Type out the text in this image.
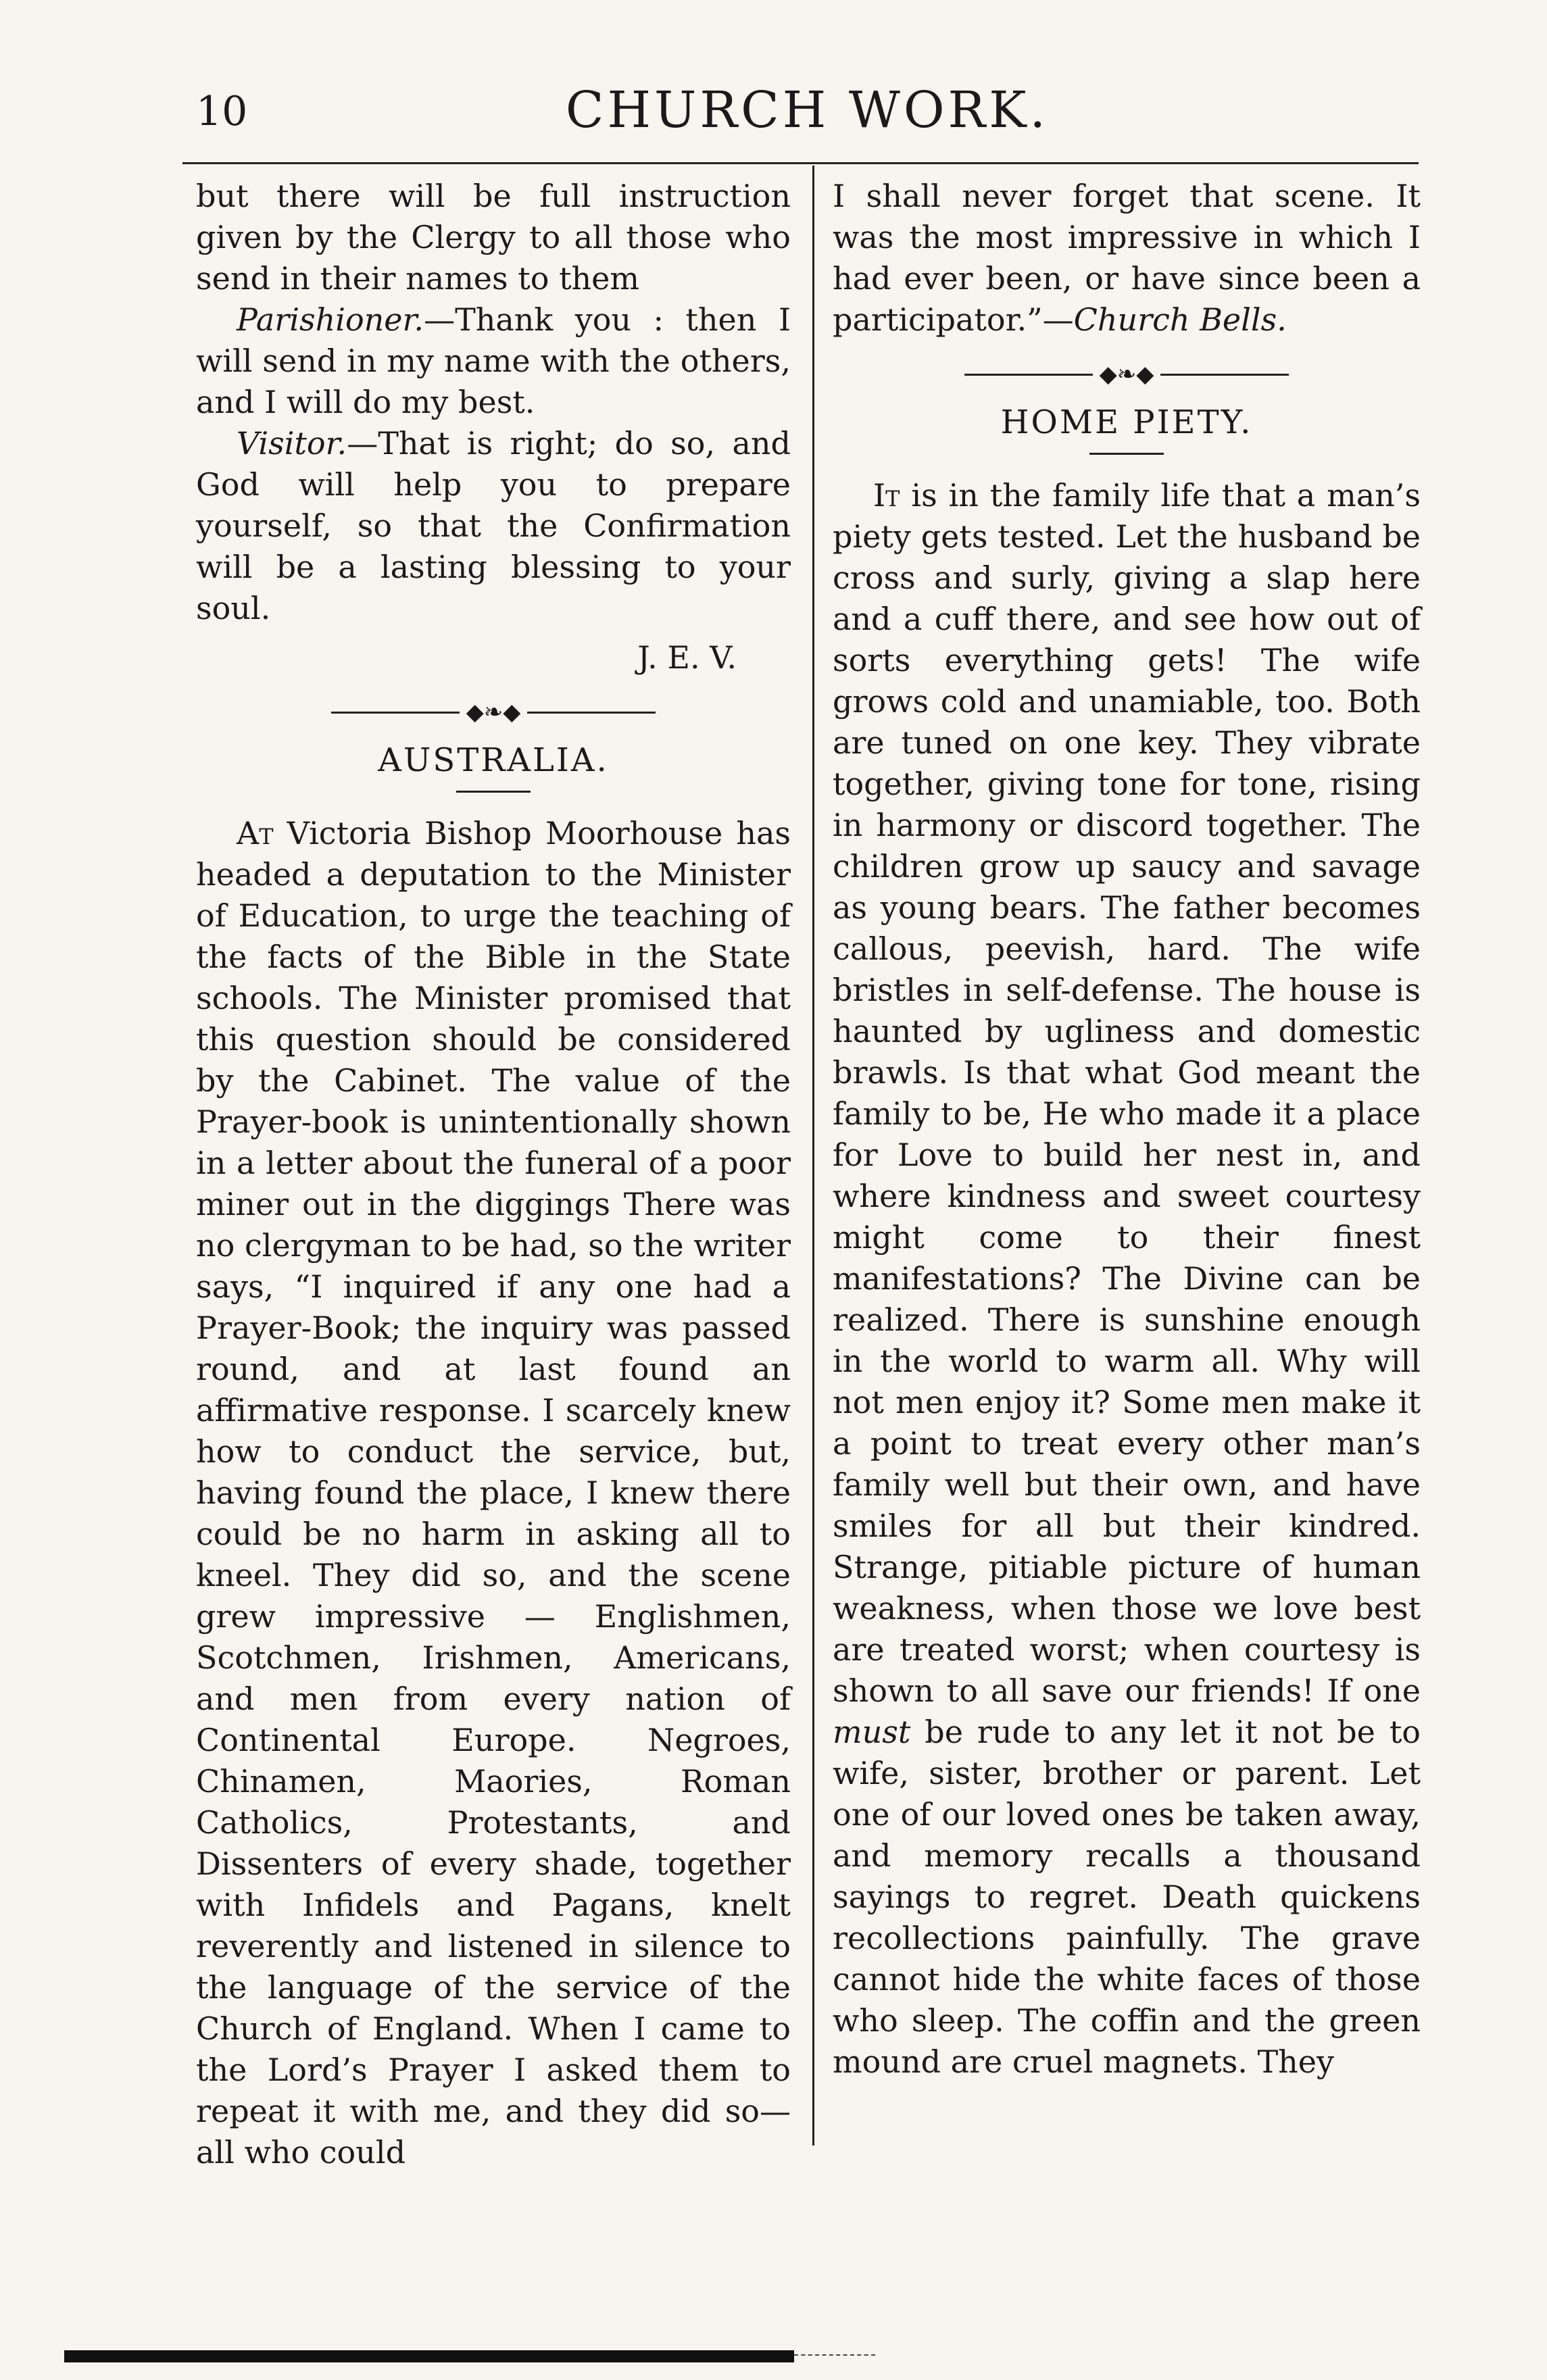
10	CHURCH WORK.

but there will be full instruction given by the Clergy to all those who send in their names to them

Parishioner.—Thank you : then I will send in my name with the others, and I will do my best.

Visitor.—That is right; do so, and God will help you to prepare yourself, so that the Confirmation will be a lasting blessing to your soul.

J. E. V.
◆❧◆
AUSTRALIA.

At Victoria Bishop Moorhouse has headed a deputation to the Minister of Education, to urge the teaching of the facts of the Bible in the State schools. The Minister promised that this question should be considered by the Cabinet. The value of the Prayer-book is unintentionally shown in a letter about the funeral of a poor miner out in the diggings There was no clergyman to be had, so the writer says, “I inquired if any one had a Prayer-Book; the inquiry was passed round, and at last found an affirmative response. I scarcely knew how to conduct the service, but, having found the place, I knew there could be no harm in asking all to kneel. They did so, and the scene grew impressive — Englishmen, Scotchmen, Irishmen, Americans, and men from every nation of Continental Europe. Negroes, Chinamen, Maories, Roman Catholics, Protestants, and Dissenters of every shade, together with Infidels and Pagans, knelt reverently and listened in silence to the language of the service of the Church of England. When I came to the Lord’s Prayer I asked them to repeat it with me, and they did so—all who could

I shall never forget that scene. It was the most impressive in which I had ever been, or have since been a participator.”—Church Bells.

◆❧◆
HOME PIETY.

It is in the family life that a man’s piety gets tested. Let the husband be cross and surly, giving a slap here and a cuff there, and see how out of sorts everything gets! The wife grows cold and unamiable, too. Both are tuned on one key. They vibrate together, giving tone for tone, rising in harmony or discord together. The children grow up saucy and savage as young bears. The father becomes callous, peevish, hard. The wife bristles in self-defense. The house is haunted by ugliness and domestic brawls. Is that what God meant the family to be, He who made it a place for Love to build her nest in, and where kindness and sweet courtesy might come to their finest manifestations? The Divine can be realized. There is sunshine enough in the world to warm all. Why will not men enjoy it? Some men make it a point to treat every other man’s family well but their own, and have smiles for all but their kindred. Strange, pitiable picture of human weakness, when those we love best are treated worst; when courtesy is shown to all save our friends! If one must be rude to any let it not be to wife, sister, brother or parent. Let one of our loved ones be taken away, and memory recalls a thousand sayings to regret. Death quickens recollections painfully. The grave cannot hide the white faces of those who sleep. The coffin and the green mound are cruel magnets. They
